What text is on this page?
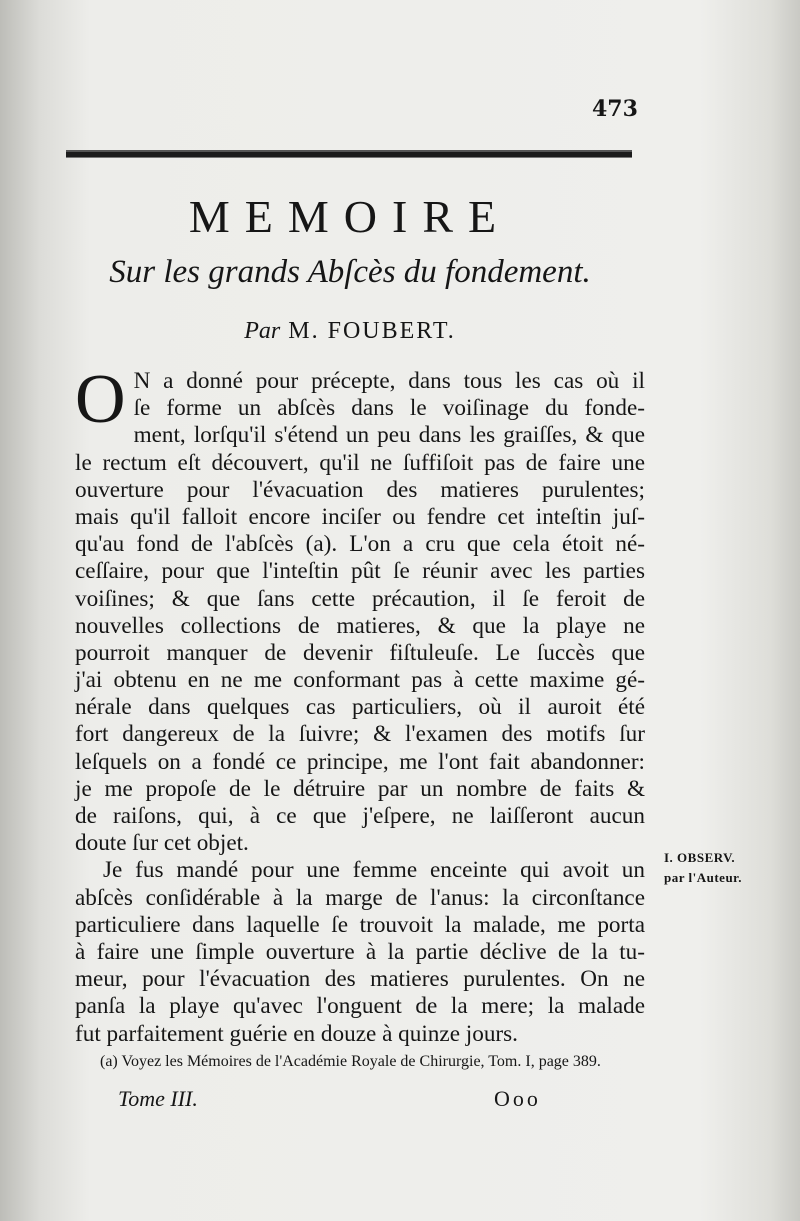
473
MEMOIRE
Sur les grands Abſcès du fondement.
Par M. FOUBERT.
O N a donné pour précepte, dans tous les cas où il
ſe forme un abſcès dans le voiſinage du fonde-
ment, lorſqu'il s'étend un peu dans les graiſſes, & que
le rectum eſt découvert, qu'il ne ſuffiſoit pas de faire une
ouverture pour l'évacuation des matieres purulentes;
mais qu'il falloit encore inciſer ou fendre cet inteſtin juſ-
qu'au fond de l'abſcès (a). L'on a cru que cela étoit né-
ceſſaire, pour que l'inteſtin pût ſe réunir avec les parties
voiſines; & que ſans cette précaution, il ſe feroit de
nouvelles collections de matieres, & que la playe ne
pourroit manquer de devenir fiſtuleuſe. Le ſuccès que
j'ai obtenu en ne me conformant pas à cette maxime gé-
nérale dans quelques cas particuliers, où il auroit été
fort dangereux de la ſuivre; & l'examen des motifs ſur
leſquels on a fondé ce principe, me l'ont fait abandonner:
je me propoſe de le détruire par un nombre de faits &
de raiſons, qui, à ce que j'eſpere, ne laiſſeront aucun
doute ſur cet objet.
Je fus mandé pour une femme enceinte qui avoit un
abſcès conſidérable à la marge de l'anus: la circonſtance
particuliere dans laquelle ſe trouvoit la malade, me porta
à faire une ſimple ouverture à la partie déclive de la tu-
meur, pour l'évacuation des matieres purulentes. On ne
panſa la playe qu'avec l'onguent de la mere; la malade
fut parfaitement guérie en douze à quinze jours.
I. OBSERV.
par l'Auteur.
(a) Voyez les Mémoires de l'Académie Royale de Chirurgie, Tom. I, page 389.
Tome III.	Ooo
